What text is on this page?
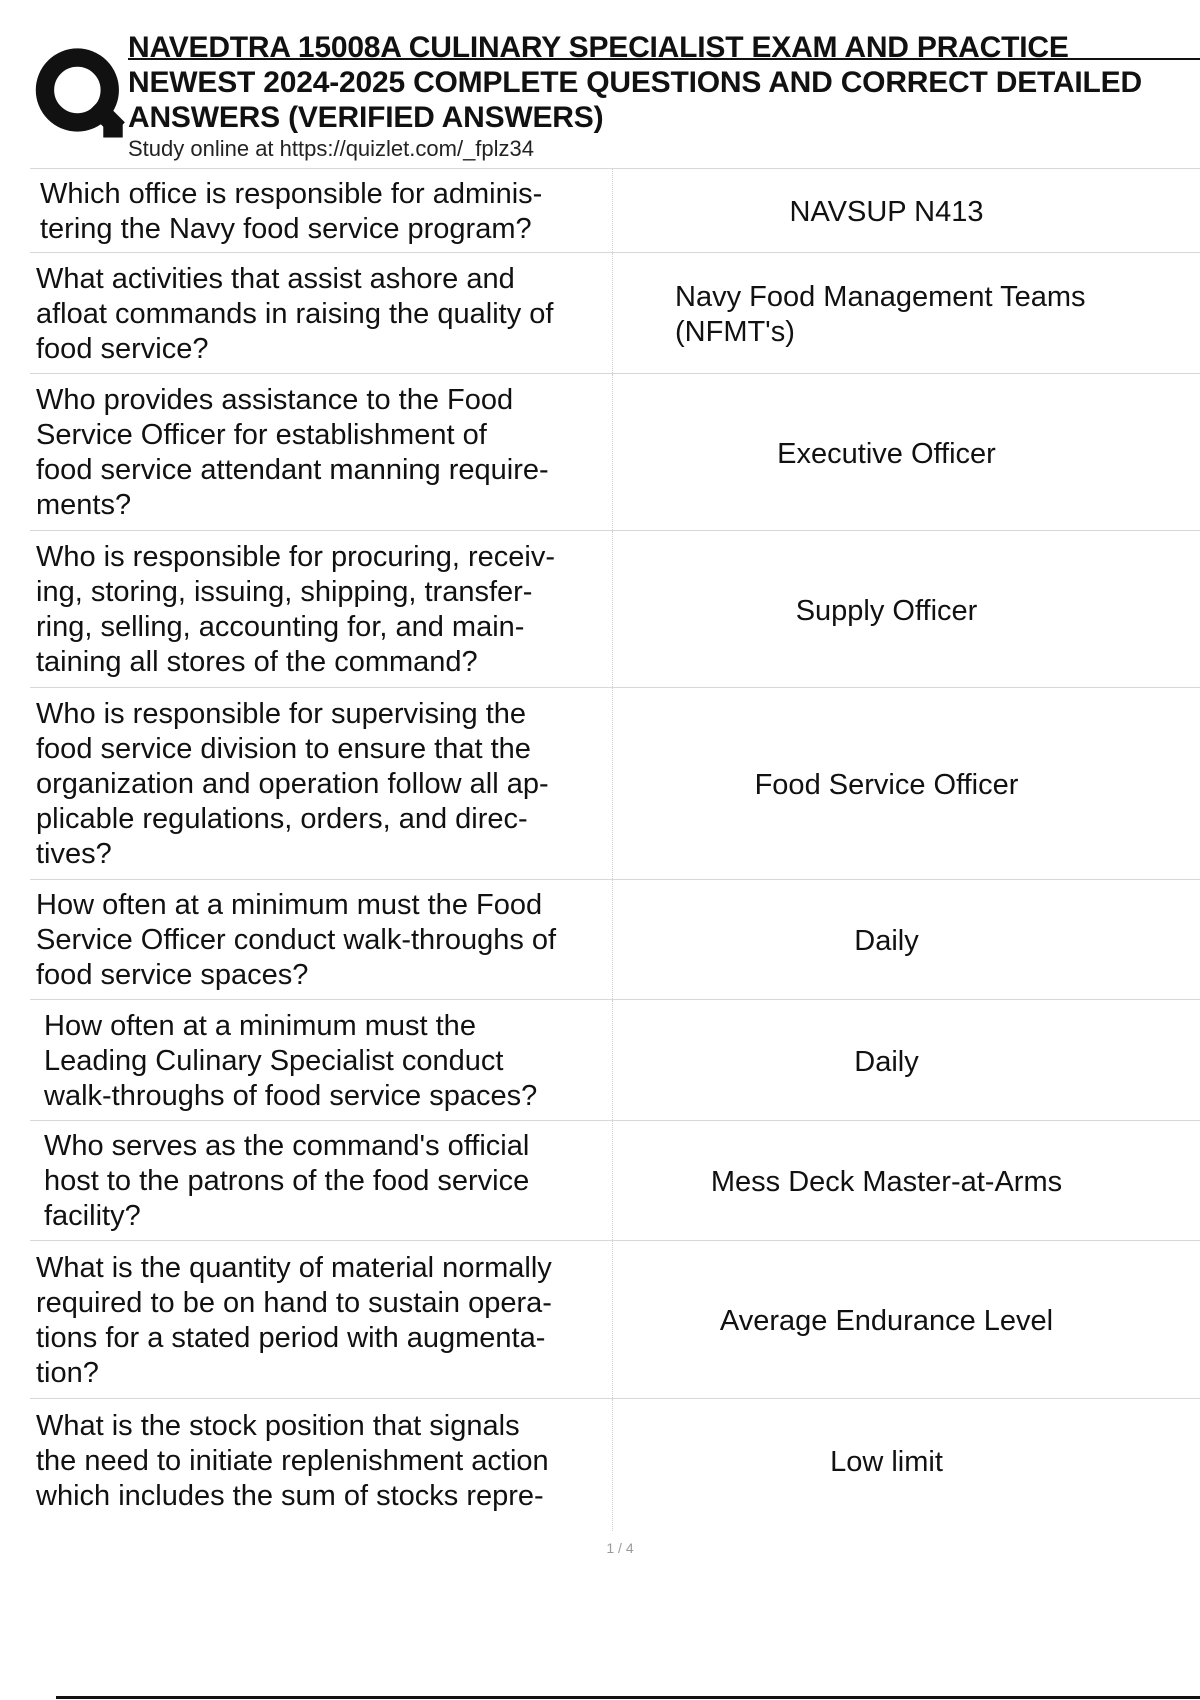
NAVEDTRA 15008A CULINARY SPECIALIST EXAM AND PRACTICE
NEWEST 2024-2025 COMPLETE QUESTIONS AND CORRECT DETAILED
ANSWERS (VERIFIED ANSWERS)
Study online at https://quizlet.com/_fplz34
Which office is responsible for adminis-
tering the Navy food service program?
NAVSUP N413
What activities that assist ashore and
afloat commands in raising the quality of
food service?
Navy Food Management Teams
(NFMT's)
Who provides assistance to the Food
Service Officer for establishment of
food service attendant manning require-
ments?
Executive Officer
Who is responsible for procuring, receiv-
ing, storing, issuing, shipping, transfer-
ring, selling, accounting for, and main-
taining all stores of the command?
Supply Officer
Who is responsible for supervising the
food service division to ensure that the
organization and operation follow all ap-
plicable regulations, orders, and direc-
tives?
Food Service Officer
How often at a minimum must the Food
Service Officer conduct walk-throughs of
food service spaces?
Daily
How often at a minimum must the
Leading Culinary Specialist conduct
walk-throughs of food service spaces?
Daily
Who serves as the command's official
host to the patrons of the food service
facility?
Mess Deck Master-at-Arms
What is the quantity of material normally
required to be on hand to sustain opera-
tions for a stated period with augmenta-
tion?
Average Endurance Level
What is the stock position that signals
the need to initiate replenishment action
which includes the sum of stocks repre-
Low limit
1 / 4
